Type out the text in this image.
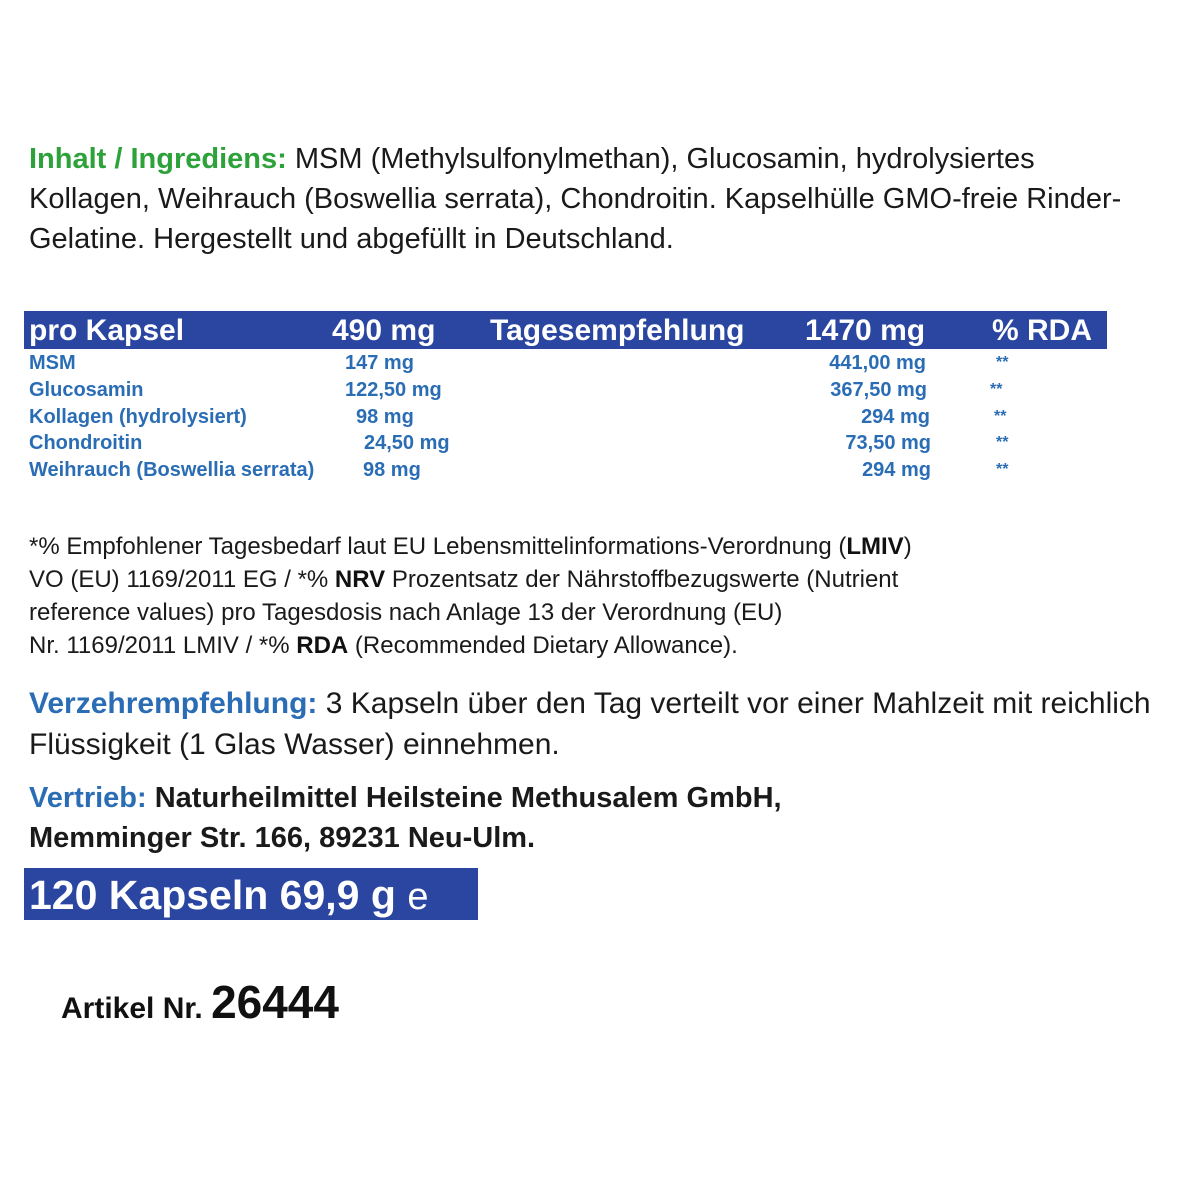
Inhalt / Ingrediens: MSM (Methylsulfonylmethan), Glucosamin, hydrolysiertes Kollagen, Weihrauch (Boswellia serrata), Chondroitin. Kapselhülle GMO-freie Rinder-Gelatine. Hergestellt und abgefüllt in Deutschland.

pro Kapsel	490 mg Tagesempfehlung 1470 mg % RDA
MSM	147 mg	441,00 mg	**
Glucosamin	122,50 mg	367,50 mg	**
Kollagen (hydrolysiert)	98 mg	294 mg	**
Chondroitin	24,50 mg	73,50 mg	**
Weihrauch (Boswellia serrata) 98 mg	294 mg	**

*% Empfohlener Tagesbedarf laut EU Lebensmittelinformations-Verordnung (LMIV)
VO (EU) 1169/2011 EG / *% NRV Prozentsatz der Nährstoffbezugswerte (Nutrient
reference values) pro Tagesdosis nach Anlage 13 der Verordnung (EU)
Nr. 1169/2011 LMIV / *% RDA (Recommended Dietary Allowance).

Verzehrempfehlung: 3 Kapseln über den Tag verteilt vor einer Mahlzeit mit reichlich Flüssigkeit (1 Glas Wasser) einnehmen.

Vertrieb: Naturheilmittel Heilsteine Methusalem GmbH,
Memminger Str. 166, 89231 Neu-Ulm.

120 Kapseln 69,9 g e
Artikel Nr. 26444
